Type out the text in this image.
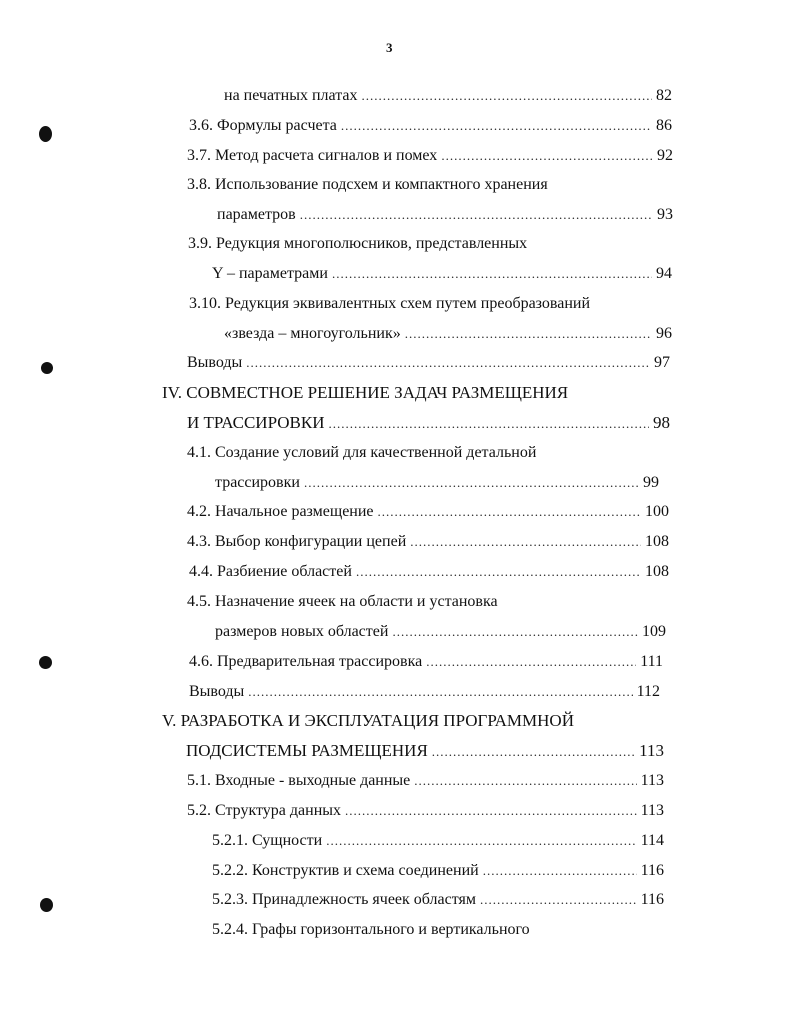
3
на печатных платах .....	82
3.6. Формулы расчета .....	86
3.7. Метод расчета сигналов и помех .....	92
3.8. Использование подсхем и компактного хранения
параметров .....	93
3.9. Редукция многополюсников, представленных
Y – параметрами .....	94
3.10. Редукция эквивалентных схем путем преобразований
«звезда – многоугольник» .....	96
Выводы .....	97
IV. СОВМЕСТНОЕ РЕШЕНИЕ ЗАДАЧ РАЗМЕЩЕНИЯ
И ТРАССИРОВКИ .....	98
4.1. Создание условий для качественной детальной
трассировки .....	99
4.2. Начальное размещение .....	100
4.3. Выбор конфигурации цепей .....	108
4.4. Разбиение областей .....	108
4.5. Назначение ячеек на области и установка
размеров новых областей .....	109
4.6. Предварительная трассировка .....	111
Выводы .....	112
V. РАЗРАБОТКА И ЭКСПЛУАТАЦИЯ ПРОГРАММНОЙ
ПОДСИСТЕМЫ РАЗМЕЩЕНИЯ .....	113
5.1. Входные - выходные данные .....	113
5.2. Структура данных .....	113
5.2.1. Сущности .....	114
5.2.2. Конструктив и схема соединений .....	116
5.2.3. Принадлежность ячеек областям .....	116
5.2.4. Графы горизонтального и вертикального
